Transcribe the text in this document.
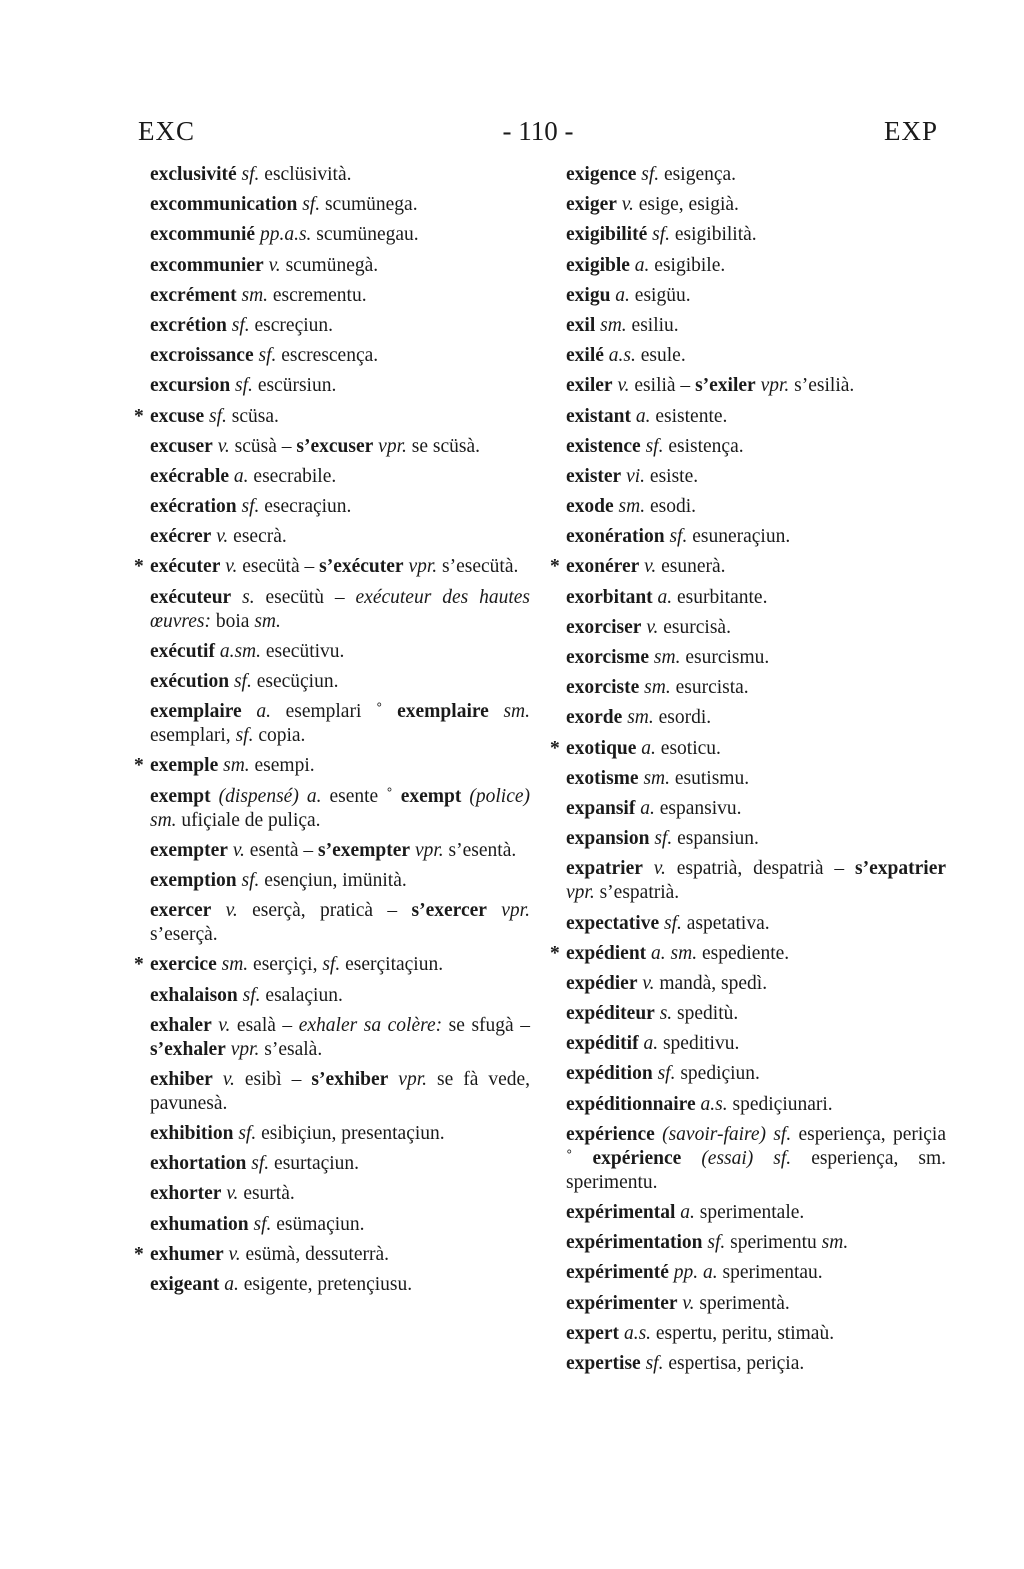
EXC	- 110 -	EXP
exclusivité sf. esclüsività.
excommunication sf. scumünega.
excommunié pp.a.s. scumünegau.
excommunier v. scumünegà.
excrément sm. escrementu.
excrétion sf. escreçiun.
excroissance sf. escrescença.
excursion sf. escürsiun.
* excuse sf. scüsa.
excuser v. scüsà – s’excuser vpr. se scüsà.
exécrable a. esecrabile.
exécration sf. esecraçiun.
exécrer v. esecrà.
* exécuter v. esecütà – s’exécuter vpr. s’esecütà.
exécuteur s. esecütù – exécuteur des hautes œuvres: boia sm.
exécutif a.sm. esecütivu.
exécution sf. esecüçiun.
exemplaire a. esemplari ˚ exemplaire sm. esemplari, sf. copia.
* exemple sm. esempi.
exempt (dispensé) a. esente ˚ exempt (police) sm. ufiçiale de puliça.
exempter v. esentà – s’exempter vpr. s’esentà.
exemption sf. esençiun, imünità.
exercer v. eserçà, praticà – s’exercer vpr. s’eserçà.
* exercice sm. eserçiçi, sf. eserçitaçiun.
exhalaison sf. esalaçiun.
exhaler v. esalà – exhaler sa colère: se sfugà – s’exhaler vpr. s’esalà.
exhiber v. esibì – s’exhiber vpr. se fà vede, pavunesà.
exhibition sf. esibiçiun, presentaçiun.
exhortation sf. esurtaçiun.
exhorter v. esurtà.
exhumation sf. esümaçiun.
* exhumer v. esümà, dessuterrà.
exigeant a. esigente, pretençiusu.
exigence sf. esigença.
exiger v. esige, esigià.
exigibilité sf. esigibilità.
exigible a. esigibile.
exigu a. esigüu.
exil sm. esiliu.
exilé a.s. esule.
exiler v. esilià – s’exiler vpr. s’esilià.
existant a. esistente.
existence sf. esistença.
exister vi. esiste.
exode sm. esodi.
exonération sf. esuneraçiun.
* exonérer v. esunerà.
exorbitant a. esurbitante.
exorciser v. esurcisà.
exorcisme sm. esurcismu.
exorciste sm. esurcista.
exorde sm. esordi.
* exotique a. esoticu.
exotisme sm. esutismu.
expansif a. espansivu.
expansion sf. espansiun.
expatrier v. espatrià, despatrià – s’expatrier vpr. s’espatrià.
expectative sf. aspetativa.
* expédient a. sm. espediente.
expédier v. mandà, spedì.
expéditeur s. speditù.
expéditif a. speditivu.
expédition sf. spediçiun.
expéditionnaire a.s. spediçiunari.
expérience (savoir-faire) sf. esperiença, periçia ˚ expérience (essai) sf. esperiença, sm. sperimentu.
expérimental a. sperimentale.
expérimentation sf. sperimentu sm.
expérimenté pp. a. sperimentau.
expérimenter v. sperimentà.
expert a.s. espertu, peritu, stimaù.
expertise sf. espertisa, periçia.
